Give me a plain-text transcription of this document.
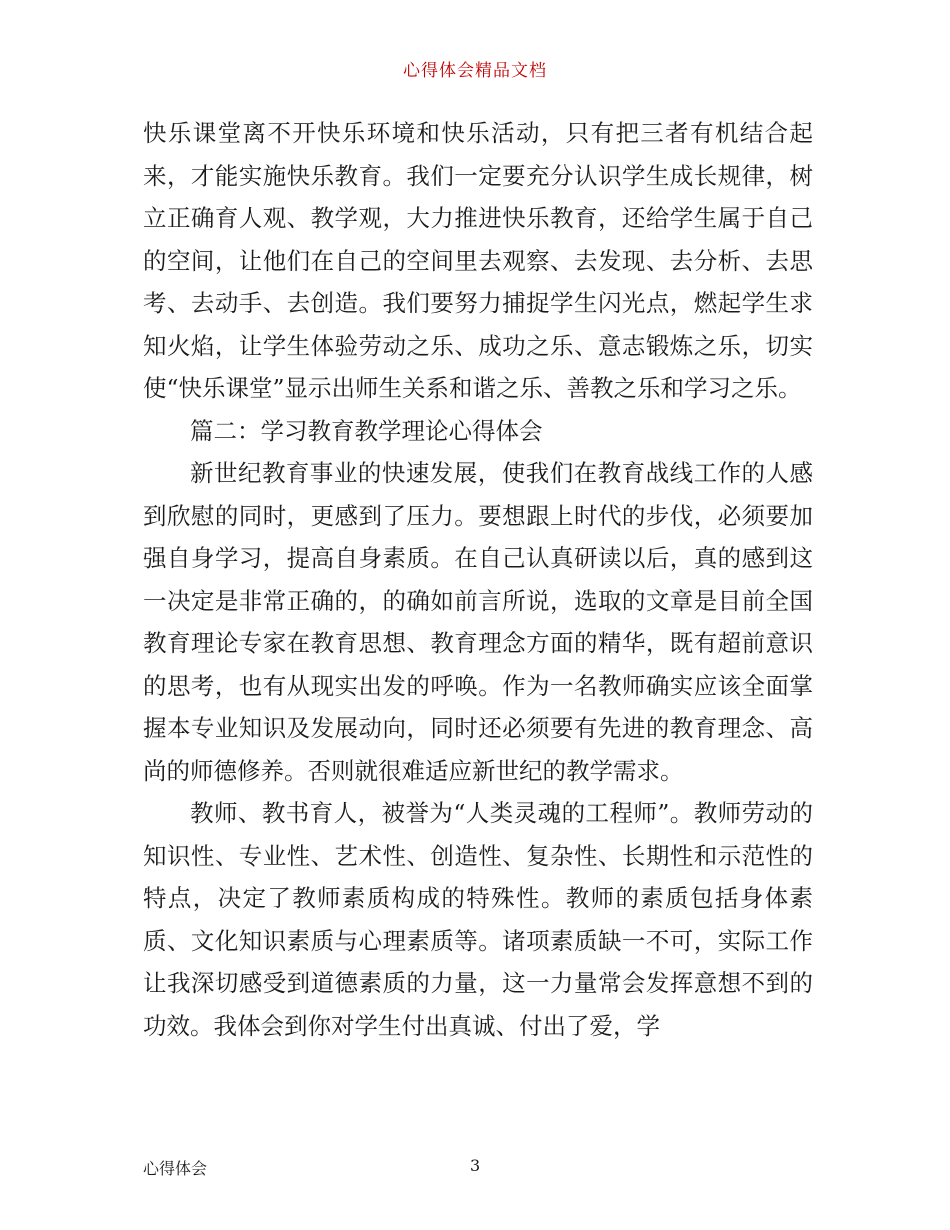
心得体会精品文档

快乐课堂离不开快乐环境和快乐活动，只有把三者有机结合起来，才能实施快乐教育。我们一定要充分认识学生成长规律，树立正确育人观、教学观，大力推进快乐教育，还给学生属于自己的空间，让他们在自己的空间里去观察、去发现、去分析、去思考、去动手、去创造。我们要努力捕捉学生闪光点，燃起学生求知火焰，让学生体验劳动之乐、成功之乐、意志锻炼之乐，切实使“快乐课堂”显示出师生关系和谐之乐、善教之乐和学习之乐。

篇二：学习教育教学理论心得体会

新世纪教育事业的快速发展，使我们在教育战线工作的人感到欣慰的同时，更感到了压力。要想跟上时代的步伐，必须要加强自身学习，提高自身素质。在自己认真研读以后，真的感到这一决定是非常正确的，的确如前言所说，选取的文章是目前全国教育理论专家在教育思想、教育理念方面的精华，既有超前意识的思考，也有从现实出发的呼唤。作为一名教师确实应该全面掌握本专业知识及发展动向，同时还必须要有先进的教育理念、高尚的师德修养。否则就很难适应新世纪的教学需求。

教师、教书育人，被誉为“人类灵魂的工程师”。教师劳动的知识性、专业性、艺术性、创造性、复杂性、长期性和示范性的特点，决定了教师素质构成的特殊性。教师的素质包括身体素质、文化知识素质与心理素质等。诸项素质缺一不可，实际工作让我深切感受到道德素质的力量，这一力量常会发挥意想不到的功效。我体会到你对学生付出真诚、付出了爱，学

心得体会	3
